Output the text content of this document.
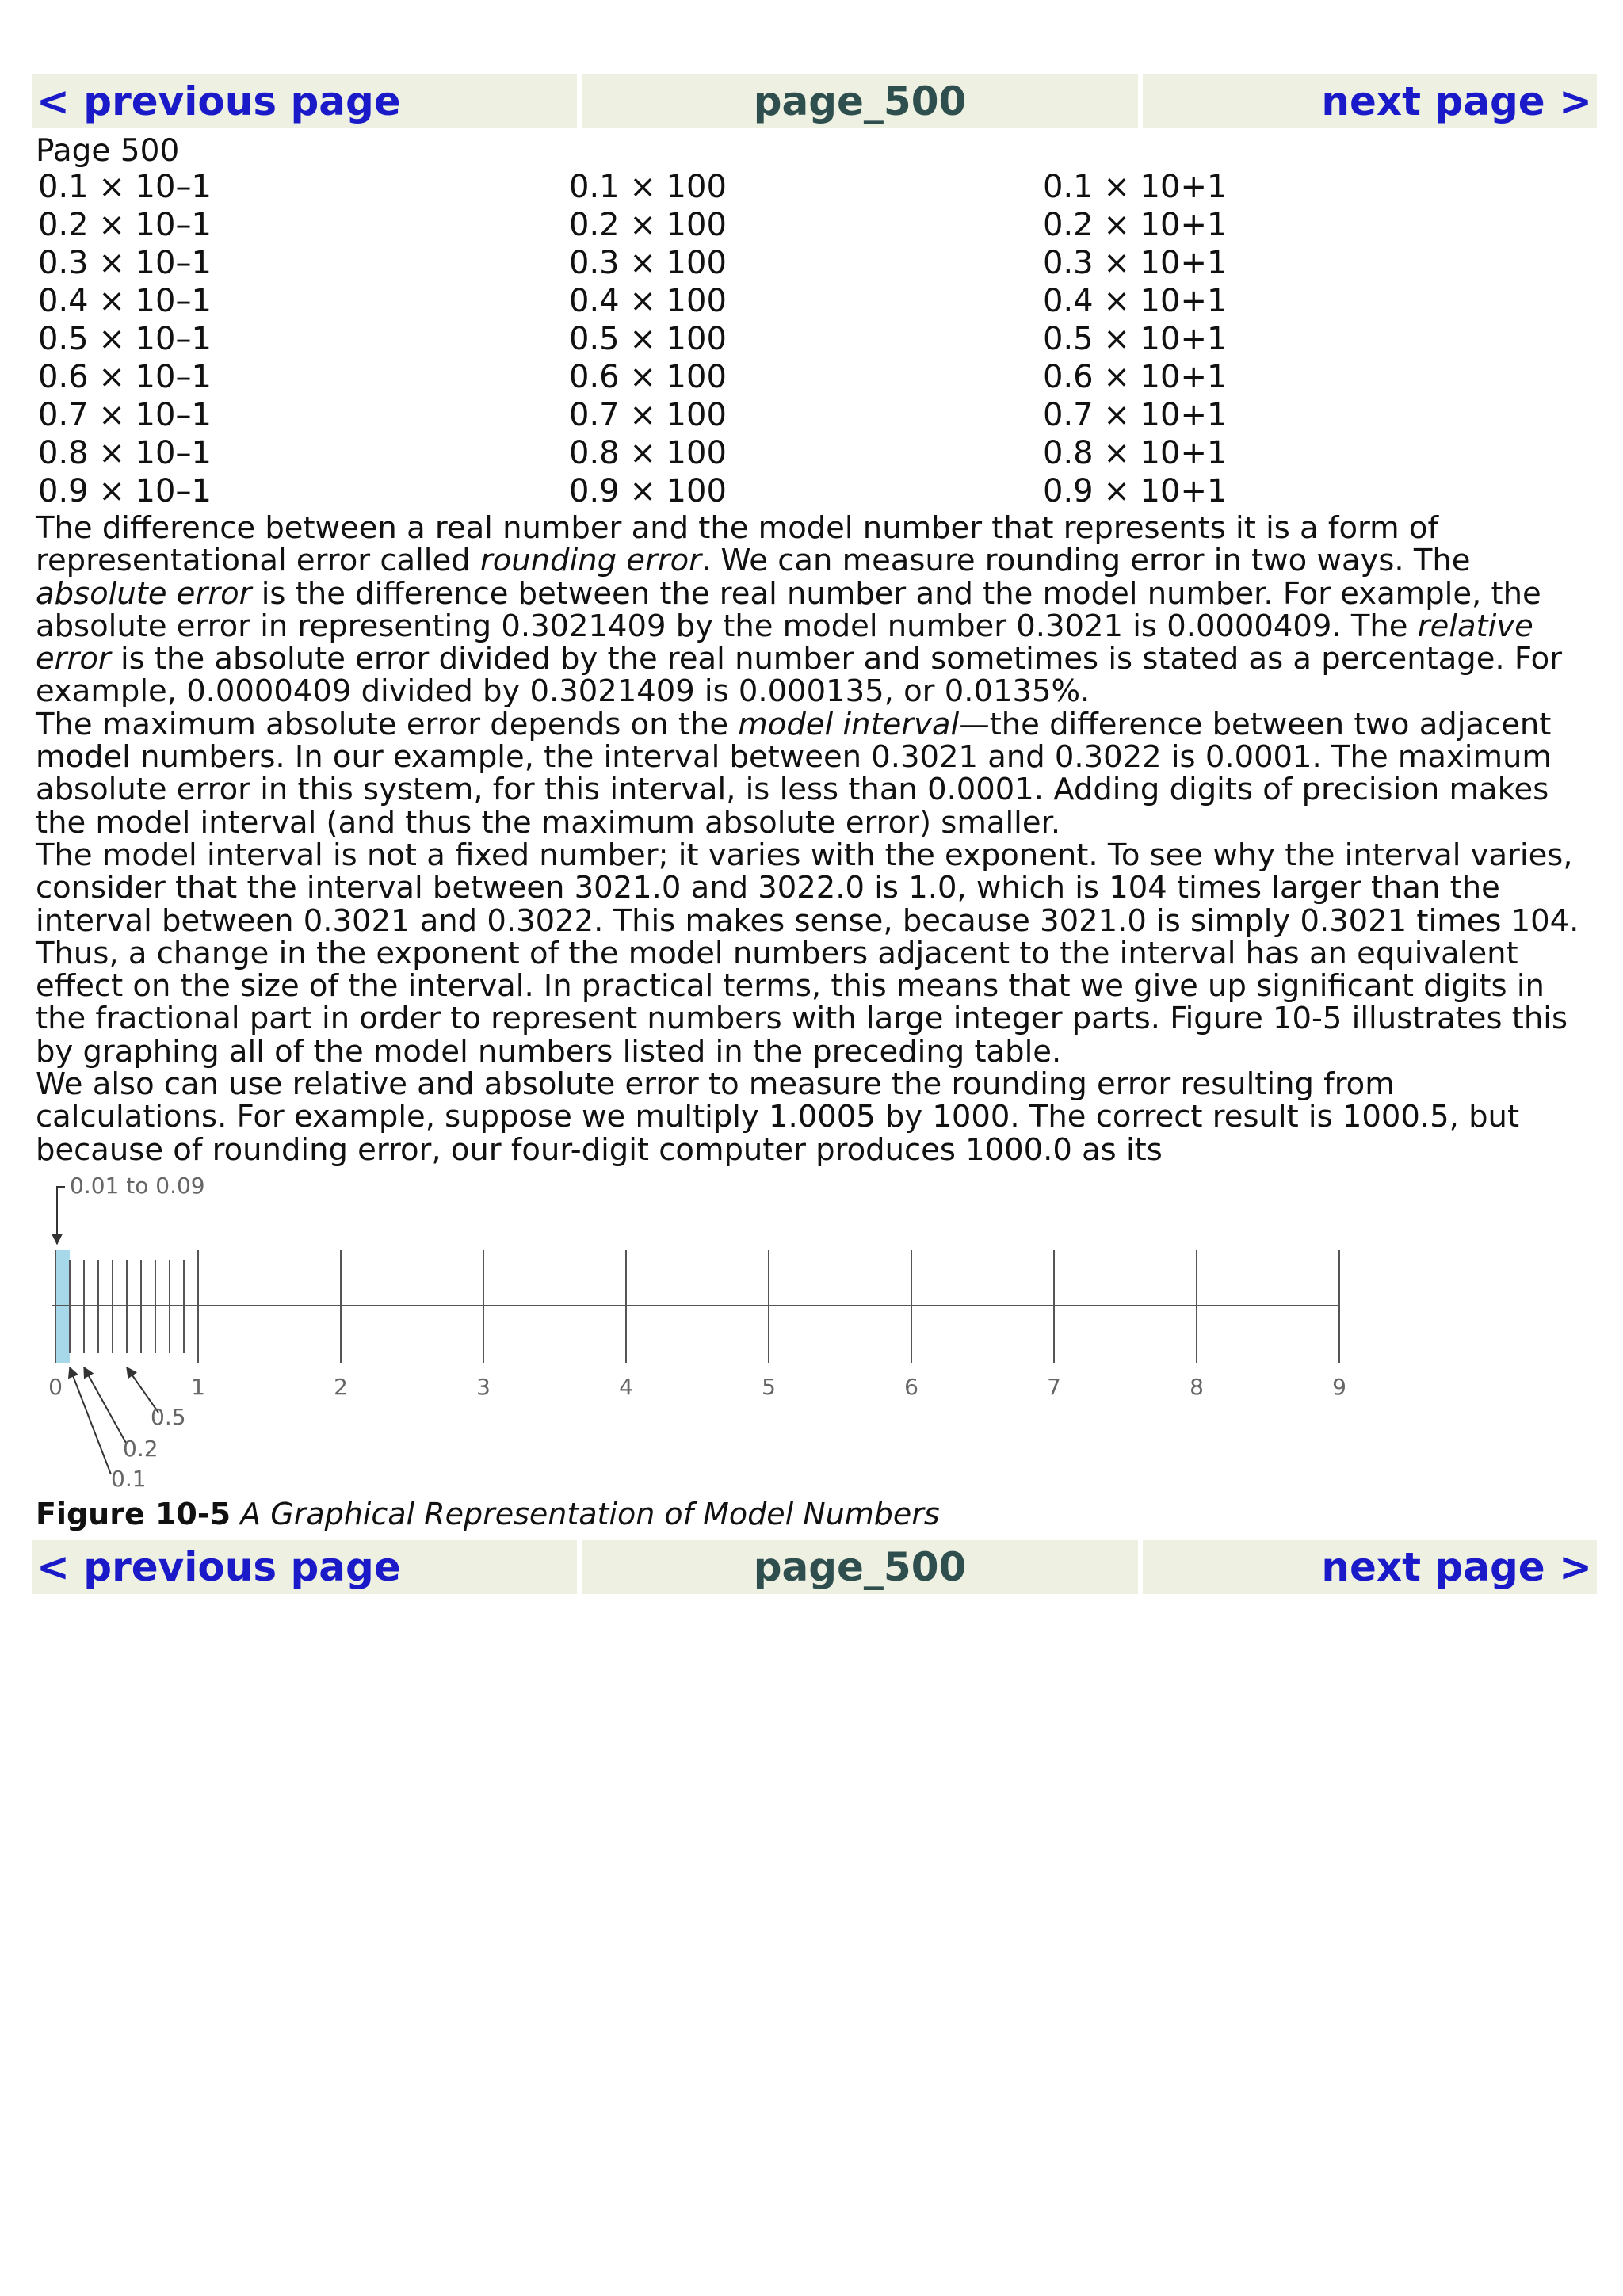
< previous page	page_500	next page >
Page 500
0.1 × 10–1	0.1 × 100	0.1 × 10+1
0.2 × 10–1	0.2 × 100	0.2 × 10+1
0.3 × 10–1	0.3 × 100	0.3 × 10+1
0.4 × 10–1	0.4 × 100	0.4 × 10+1
0.5 × 10–1	0.5 × 100	0.5 × 10+1
0.6 × 10–1	0.6 × 100	0.6 × 10+1
0.7 × 10–1	0.7 × 100	0.7 × 10+1
0.8 × 10–1	0.8 × 100	0.8 × 10+1
0.9 × 10–1	0.9 × 100	0.9 × 10+1

The difference between a real number and the model number that represents it is a form of representational error called rounding error. We can measure rounding error in two ways. The absolute error is the difference between the real number and the model number. For example, the absolute error in representing 0.3021409 by the model number 0.3021 is 0.0000409. The relative error is the absolute error divided by the real number and sometimes is stated as a percentage. For example, 0.0000409 divided by 0.3021409 is 0.000135, or 0.0135%.

The maximum absolute error depends on the model interval—the difference between two adjacent model numbers. In our example, the interval between 0.3021 and 0.3022 is 0.0001. The maximum absolute error in this system, for this interval, is less than 0.0001. Adding digits of precision makes the model interval (and thus the maximum absolute error) smaller.

The model interval is not a fixed number; it varies with the exponent. To see why the interval varies, consider that the interval between 3021.0 and 3022.0 is 1.0, which is 104 times larger than the interval between 0.3021 and 0.3022. This makes sense, because 3021.0 is simply 0.3021 times 104. Thus, a change in the exponent of the model numbers adjacent to the interval has an equivalent effect on the size of the interval. In practical terms, this means that we give up significant digits in the fractional part in order to represent numbers with large integer parts. Figure 10-5 illustrates this by graphing all of the model numbers listed in the preceding table.

We also can use relative and absolute error to measure the rounding error resulting from calculations. For example, suppose we multiply 1.0005 by 1000. The correct result is 1000.5, but because of rounding error, our four-digit computer produces 1000.0 as its

0	1	2	3	4	5	6	7	8	9
0.01 to 0.09
0.5
0.2
0.1
Figure 10-5 A Graphical Representation of Model Numbers
< previous page	page_500	next page >
